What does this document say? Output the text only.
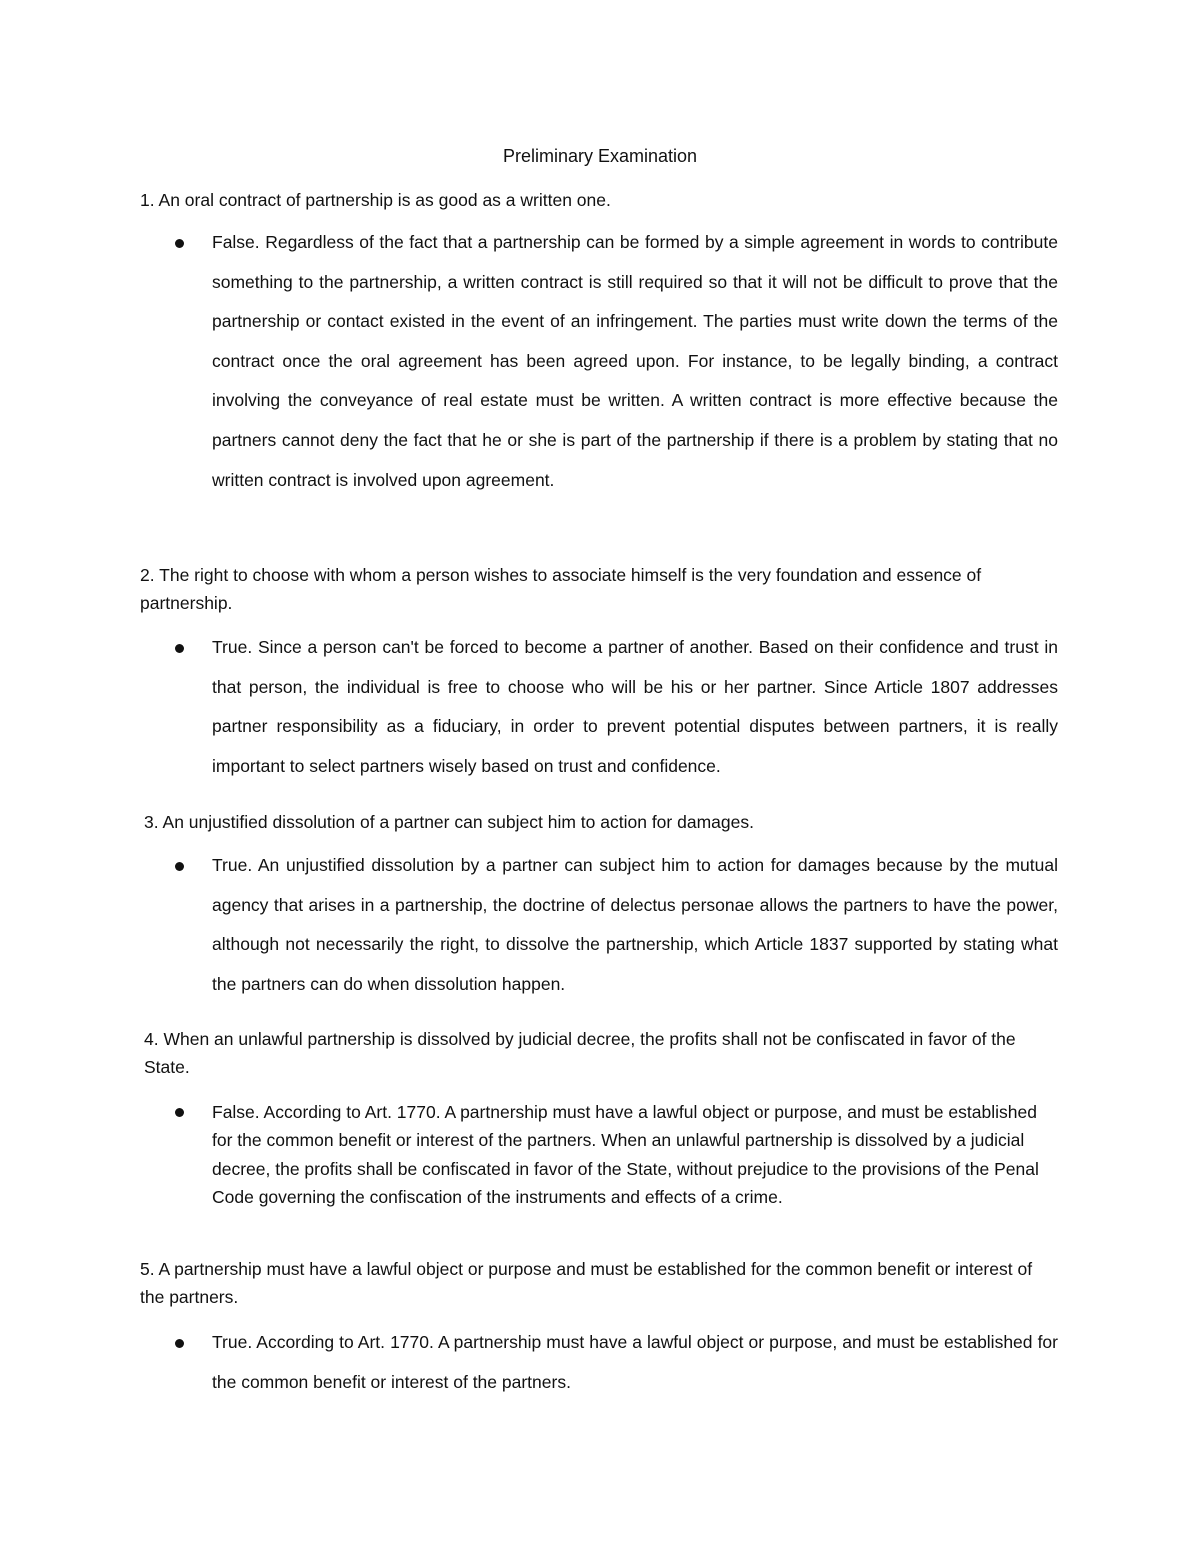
Preliminary Examination

1. An oral contract of partnership is as good as a written one.

False. Regardless of the fact that a partnership can be formed by a simple agreement in words to contribute something to the partnership, a written contract is still required so that it will not be difficult to prove that the partnership or contact existed in the event of an infringement. The parties must write down the terms of the contract once the oral agreement has been agreed upon. For instance, to be legally binding, a contract involving the conveyance of real estate must be written. A written contract is more effective because the partners cannot deny the fact that he or she is part of the partnership if there is a problem by stating that no written contract is involved upon agreement.

2. The right to choose with whom a person wishes to associate himself is the very foundation and essence of partnership.

True. Since a person can't be forced to become a partner of another. Based on their confidence and trust in that person, the individual is free to choose who will be his or her partner. Since Article 1807 addresses partner responsibility as a fiduciary, in order to prevent potential disputes between partners, it is really important to select partners wisely based on trust and confidence.

3. An unjustified dissolution of a partner can subject him to action for damages.

True. An unjustified dissolution by a partner can subject him to action for damages because by the mutual agency that arises in a partnership, the doctrine of delectus personae allows the partners to have the power, although not necessarily the right, to dissolve the partnership, which Article 1837 supported by stating what the partners can do when dissolution happen.

4. When an unlawful partnership is dissolved by judicial decree, the profits shall not be confiscated in favor of the State.

False. According to Art. 1770. A partnership must have a lawful object or purpose, and must be established for the common benefit or interest of the partners. When an unlawful partnership is dissolved by a judicial decree, the profits shall be confiscated in favor of the State, without prejudice to the provisions of the Penal Code governing the confiscation of the instruments and effects of a crime.

5. A partnership must have a lawful object or purpose and must be established for the common benefit or interest of the partners.

True. According to Art. 1770. A partnership must have a lawful object or purpose, and must be established for the common benefit or interest of the partners.
